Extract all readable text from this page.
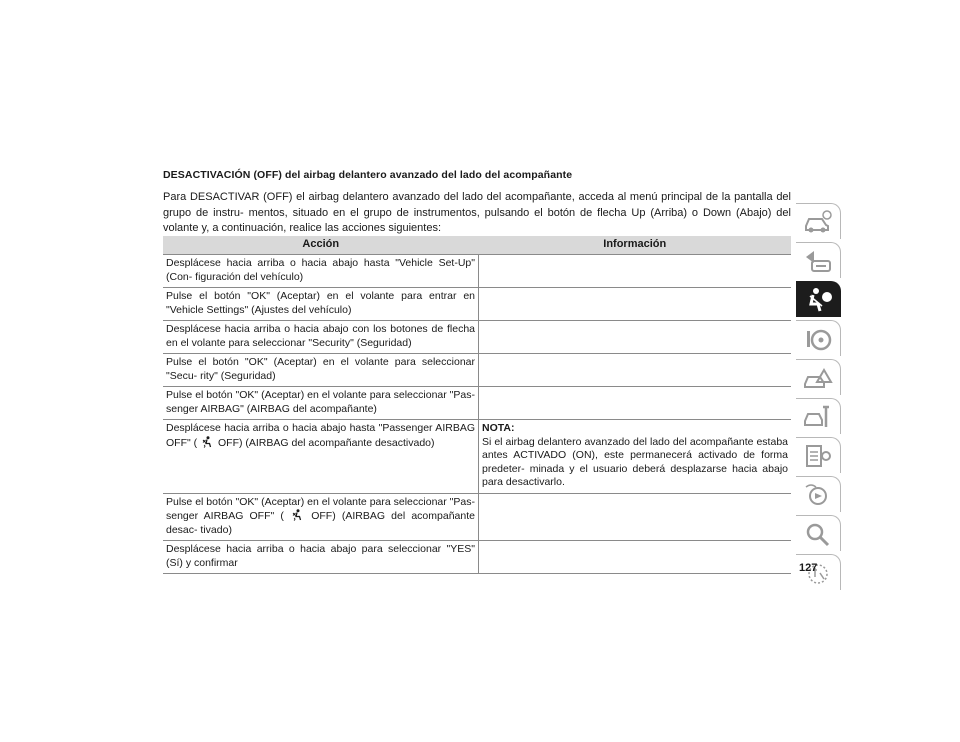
DESACTIVACIÓN (OFF) del airbag delantero avanzado del lado del acompañante
Para DESACTIVAR (OFF) el airbag delantero avanzado del lado del acompañante, acceda al menú principal de la pantalla del grupo de instru- mentos, situado en el grupo de instrumentos, pulsando el botón de flecha Up (Arriba) o Down (Abajo) del volante y, a continuación, realice las acciones siguientes:
Acción	Información
Desplácese hacia arriba o hacia abajo hasta "Vehicle Set-Up" (Con- figuración del vehículo)	
Pulse el botón "OK" (Aceptar) en el volante para entrar en "Vehicle Settings" (Ajustes del vehículo)	
Desplácese hacia arriba o hacia abajo con los botones de flecha en el volante para seleccionar "Security" (Seguridad)	
Pulse el botón "OK" (Aceptar) en el volante para seleccionar "Secu- rity" (Seguridad)	
Pulse el botón "OK" (Aceptar) en el volante para seleccionar "Pas- senger AIRBAG" (AIRBAG del acompañante)	
Desplácese hacia arriba o hacia abajo hasta "Passenger AIRBAG OFF" ( OFF) (AIRBAG del acompañante desactivado)	NOTA:
Si el airbag delantero avanzado del lado del acompañante estaba antes ACTIVADO (ON), este permanecerá activado de forma predeter- minada y el usuario deberá desplazarse hacia abajo para desactivarlo.
Pulse el botón "OK" (Aceptar) en el volante para seleccionar "Pas- senger AIRBAG OFF" ( OFF) (AIRBAG del acompañante desac- tivado)	
Desplácese hacia arriba o hacia abajo para seleccionar "YES" (Sí) y confirmar		127
